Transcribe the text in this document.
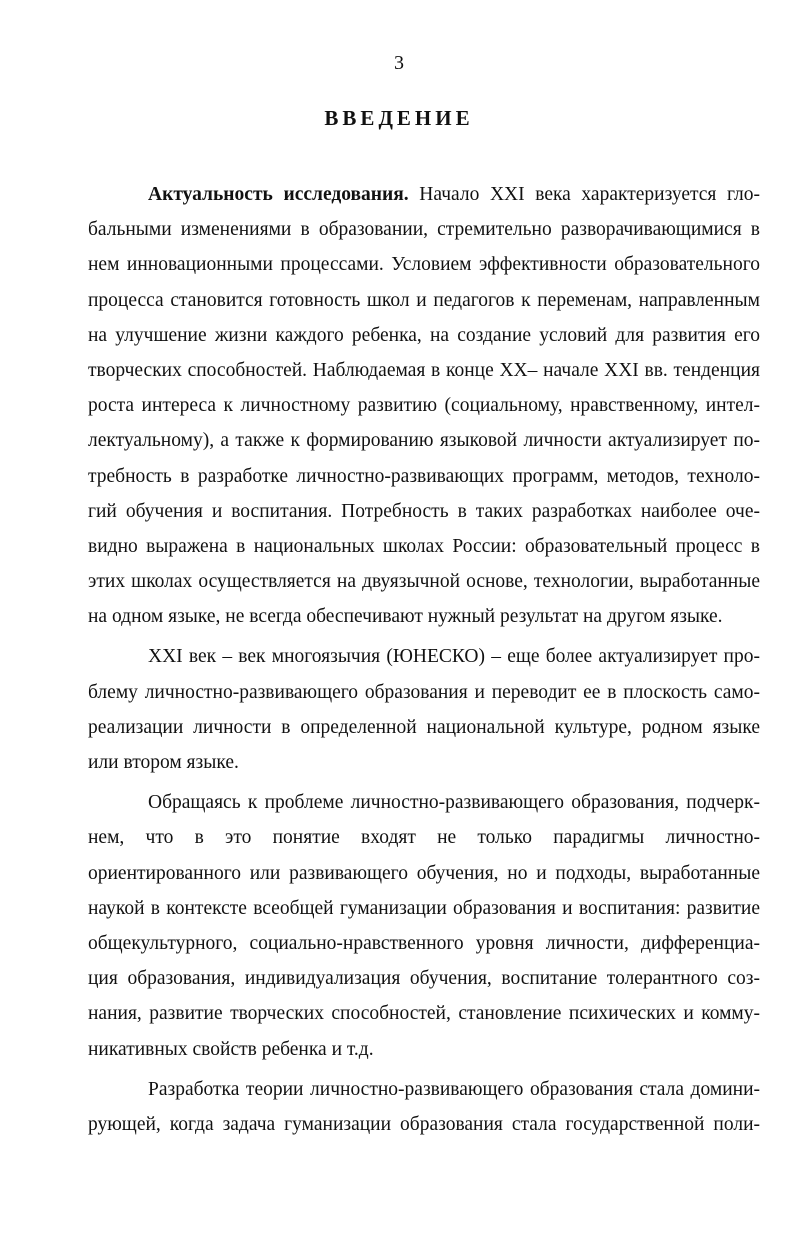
3
ВВЕДЕНИЕ
Актуальность исследования. Начало XXI века характеризуется гло-
бальными изменениями в образовании, стремительно разворачивающимися в
нем инновационными процессами. Условием эффективности образовательного
процесса становится готовность школ и педагогов к переменам, направленным
на улучшение жизни каждого ребенка, на создание условий для развития его
творческих способностей. Наблюдаемая в конце XX– начале XXI вв. тенденция
роста интереса к личностному развитию (социальному, нравственному, интел-
лектуальному), а также к формированию языковой личности актуализирует по-
требность в разработке личностно-развивающих программ, методов, технолo-
гий обучения и воспитания. Потребность в таких разработках наиболее оче-
видно выражена в национальных школах России: образовательный процесс в
этих школах осуществляется на двуязычной основе, технологии, выработанные
на одном языке, не всегда обеспечивают нужный результат на другом языке.
XXI век – век многоязычия (ЮНЕСКО) – еще более актуализирует про-
блему личностно-развивающего образования и переводит ее в плоскость само-
реализации личности в определенной национальной культуре, родном языке
или втором языке.
Обращаясь к проблеме личностно-развивающего образования, подчерк-
нем, что в это понятие входят не только парадигмы личностно-
ориентированного или развивающего обучения, но и подходы, выработанные
наукой в контексте всеобщей гуманизации образования и воспитания: развитие
общекультурного, социально-нравственного уровня личности, дифференциа-
ция образования, индивидуализация обучения, воспитание толерантного соз-
нания, развитие творческих способностей, становление психических и комму-
никативных свойств ребенка и т.д.
Разработка теории личностно-развивающего образования стала домини-
рующей, когда задача гуманизации образования стала государственной поли-
